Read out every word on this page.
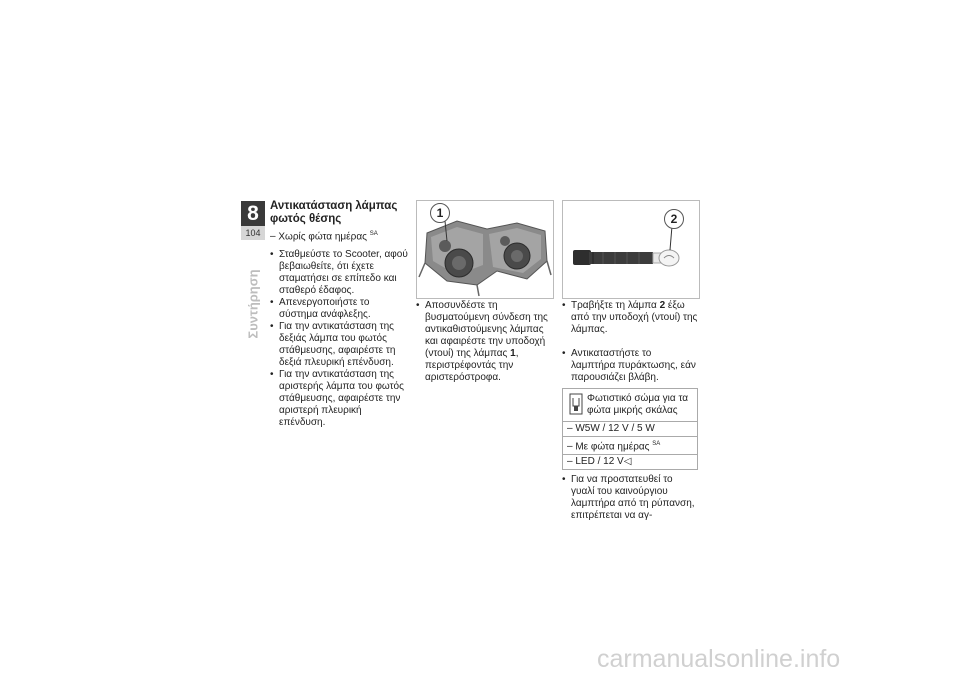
8
104
Συντήρηση
Αντικατάσταση λάμπας φωτός θέσης
– Χωρίς φώτα ημέρας $^{SA}$
• Σταθμεύστε το Scooter, αφού βεβαιωθείτε, ότι έχετε σταματήσει σε επίπεδο και σταθερό έδαφος.
• Απενεργοποιήστε το σύστημα ανάφλεξης.
• Για την αντικατάσταση της δεξιάς λάμπα του φωτός στάθμευσης, αφαιρέστε τη δεξιά πλευρική επένδυση.
• Για την αντικατάσταση της αριστερής λάμπα του φωτός στάθμευσης, αφαιρέστε την αριστερή πλευρική επένδυση.
1
• Αποσυνδέστε τη βυσματούμενη σύνδεση της αντικαθιστούμενης λάμπας και αφαιρέστε την υποδοχή (ντουί) της λάμπας 1, περιστρέφοντάς την αριστερόστροφα.
2
• Τραβήξτε τη λάμπα 2 έξω από την υποδοχή (ντουί) της λάμπας.
• Αντικαταστήστε το λαμπτήρα πυράκτωσης, εάν παρουσιάζει βλάβη.
Φωτιστικό σώμα για τα φώτα μικρής σκάλας
– W5W / 12 V / 5 W
– Με φώτα ημέρας $^{SA}$
– LED / 12 V◁
• Για να προστατευθεί το γυαλί του καινούργιου λαμπτήρα από τη ρύπανση, επιτρέπεται να αγ-
carmanualsonline.info
